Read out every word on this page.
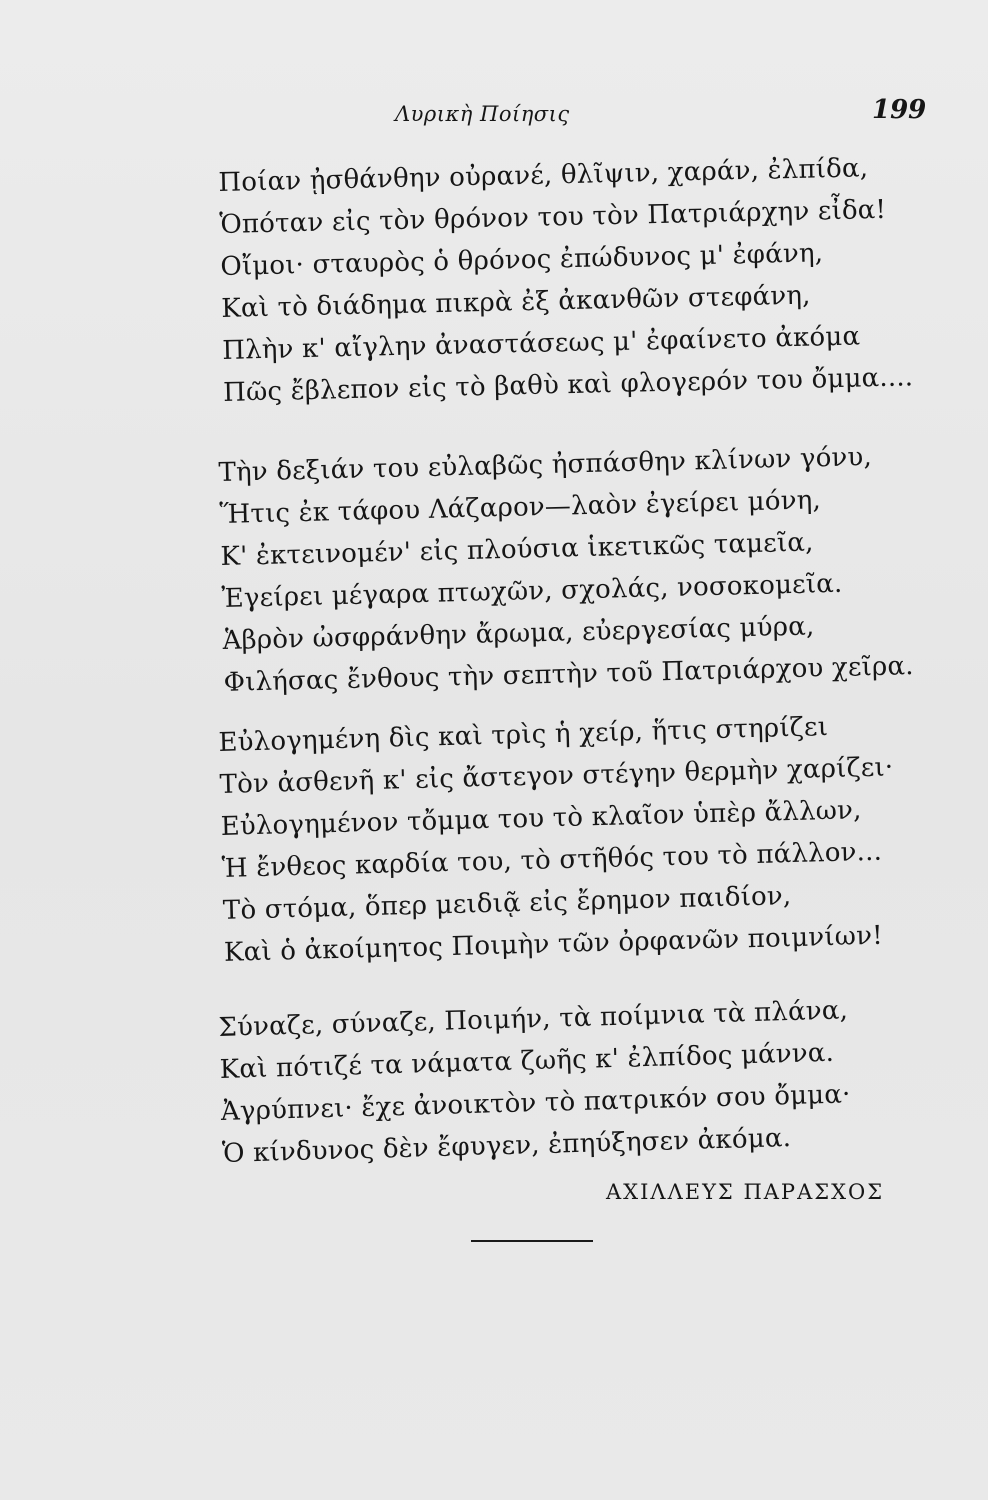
Λυρικὴ Ποίησις	199
Ποίαν ᾐσθάνθην οὐρανέ, θλῖψιν, χαράν, ἐλπίδα,
Ὁπόταν εἰς τὸν θρόνον του τὸν Πατριάρχην εἶδα!
Οἴμοι· σταυρὸς ὁ θρόνος ἐπώδυνος μ' ἐφάνη,
Καὶ τὸ διάδημα πικρὰ ἐξ ἀκανθῶν στεφάνη,
Πλὴν κ' αἴγλην ἀναστάσεως μ' ἐφαίνετο ἀκόμα
Πῶς ἔβλεπον εἰς τὸ βαθὺ καὶ φλογερόν του ὄμμα....
Τὴν δεξιάν του εὐλαβῶς ἠσπάσθην κλίνων γόνυ,
Ἥτις ἐκ τάφου Λάζαρον—λαὸν ἐγείρει μόνη,
Κ' ἐκτεινομέν' εἰς πλούσια ἱκετικῶς ταμεῖα,
Ἐγείρει μέγαρα πτωχῶν, σχολάς, νοσοκομεῖα.
Ἁβρὸν ὠσφράνθην ἄρωμα, εὐεργεσίας μύρα,
Φιλήσας ἔνθους τὴν σεπτὴν τοῦ Πατριάρχου χεῖρα.
Εὐλογημένη δὶς καὶ τρὶς ἡ χείρ, ἥτις στηρίζει
Τὸν ἀσθενῆ κ' εἰς ἄστεγον στέγην θερμὴν χαρίζει·
Εὐλογημένον τὄμμα του τὸ κλαῖον ὑπὲρ ἄλλων,
Ἡ ἔνθεος καρδία του, τὸ στῆθός του τὸ πάλλον...
Τὸ στόμα, ὅπερ μειδιᾷ εἰς ἔρημον παιδίον,
Καὶ ὁ ἀκοίμητος Ποιμὴν τῶν ὀρφανῶν ποιμνίων!
Σύναζε, σύναζε, Ποιμήν, τὰ ποίμνια τὰ πλάνα,
Καὶ πότιζέ τα νάματα ζωῆς κ' ἐλπίδος μάννα.
Ἀγρύπνει· ἔχε ἀνοικτὸν τὸ πατρικόν σου ὄμμα·
Ὁ κίνδυνος δὲν ἔφυγεν, ἐπηύξησεν ἀκόμα.
ΑΧΙΛΛΕΥΣ ΠΑΡΑΣΧΟΣ
